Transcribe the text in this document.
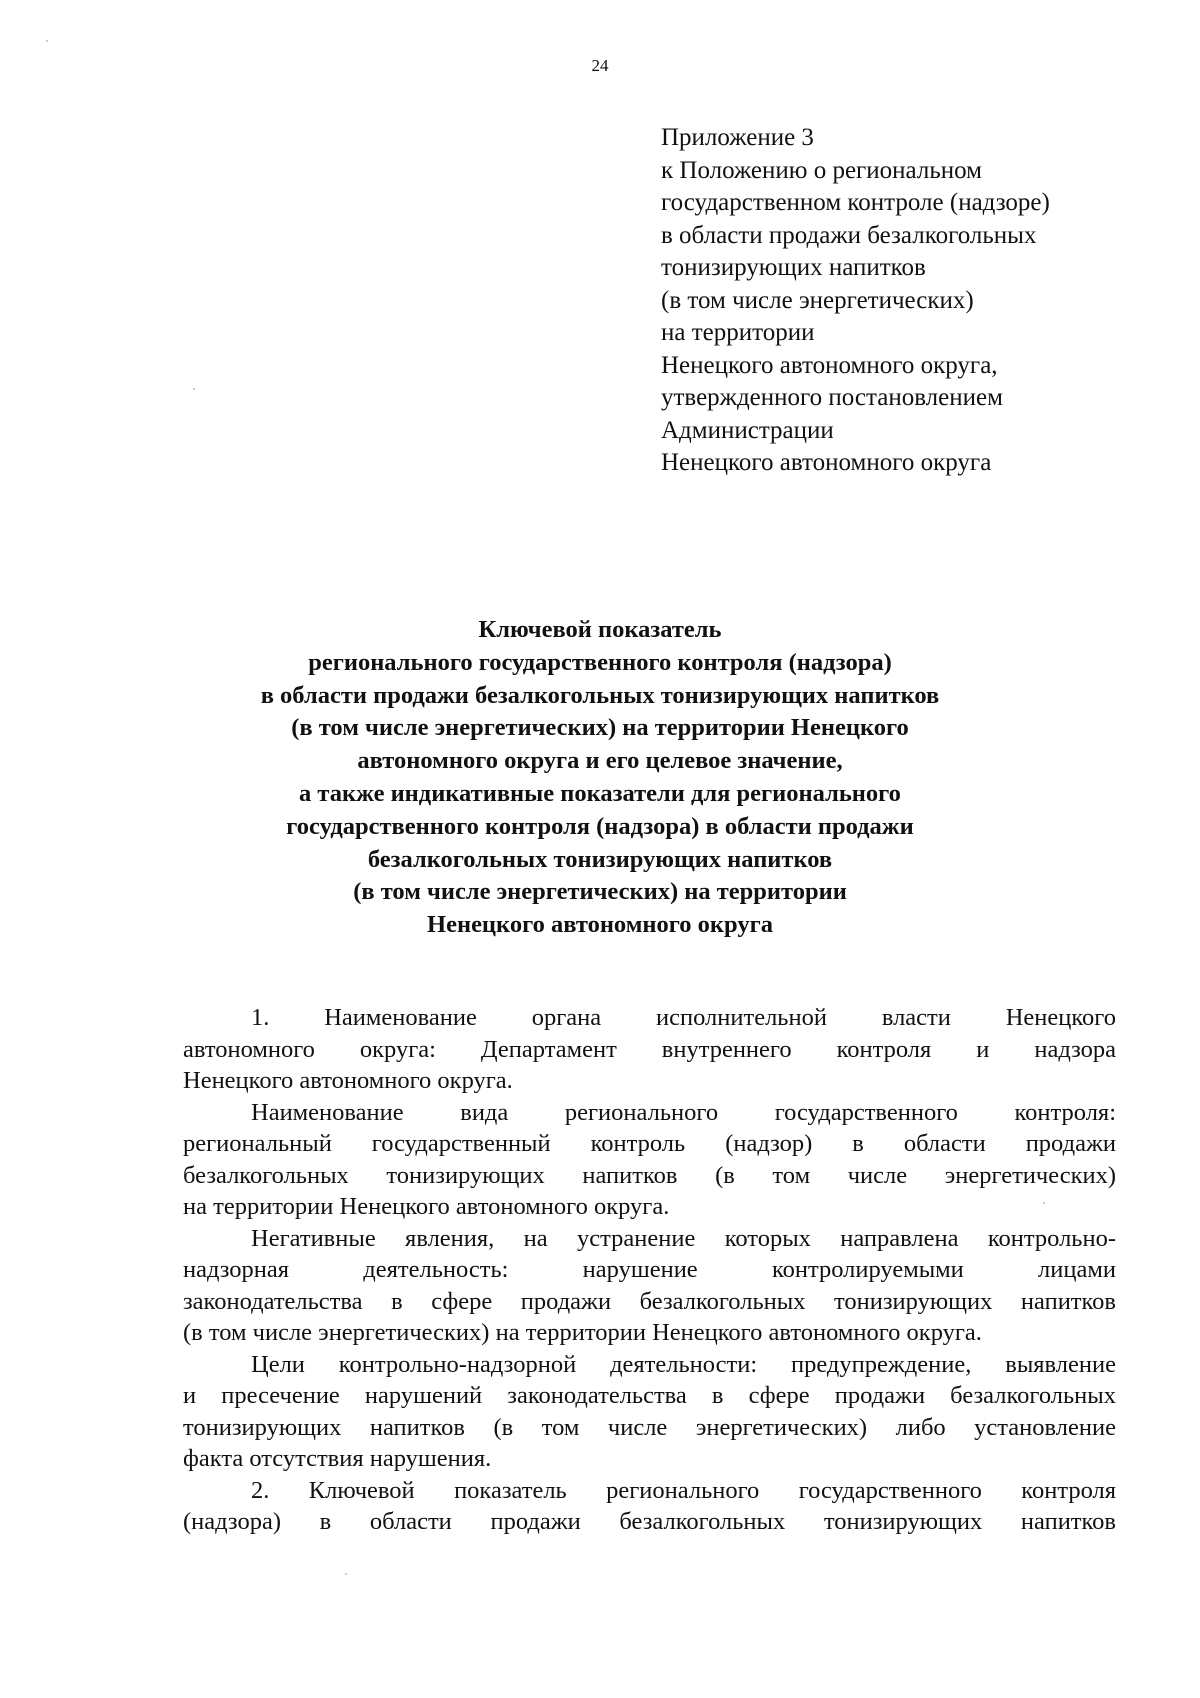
24
Приложение 3
к Положению о региональном
государственном контроле (надзоре)
в области продажи безалкогольных
тонизирующих напитков
(в том числе энергетических)
на территории
Ненецкого автономного округа,
утвержденного постановлением
Администрации
Ненецкого автономного округа
Ключевой показатель
регионального государственного контроля (надзора)
в области продажи безалкогольных тонизирующих напитков
(в том числе энергетических) на территории Ненецкого
автономного округа и его целевое значение,
а также индикативные показатели для регионального
государственного контроля (надзора) в области продажи
безалкогольных тонизирующих напитков
(в том числе энергетических) на территории
Ненецкого автономного округа
1. Наименование органа исполнительной власти Ненецкого
автономного округа: Департамент внутреннего контроля и надзора
Ненецкого автономного округа.
Наименование вида регионального государственного контроля:
региональный государственный контроль (надзор) в области продажи
безалкогольных тонизирующих напитков (в том числе энергетических)
на территории Ненецкого автономного округа.
Негативные явления, на устранение которых направлена контрольно-
надзорная деятельность: нарушение контролируемыми лицами
законодательства в сфере продажи безалкогольных тонизирующих напитков
(в том числе энергетических) на территории Ненецкого автономного округа.
Цели контрольно-надзорной деятельности: предупреждение, выявление
и пресечение нарушений законодательства в сфере продажи безалкогольных
тонизирующих напитков (в том числе энергетических) либо установление
факта отсутствия нарушения.
2. Ключевой показатель регионального государственного контроля
(надзора) в области продажи безалкогольных тонизирующих напитков
